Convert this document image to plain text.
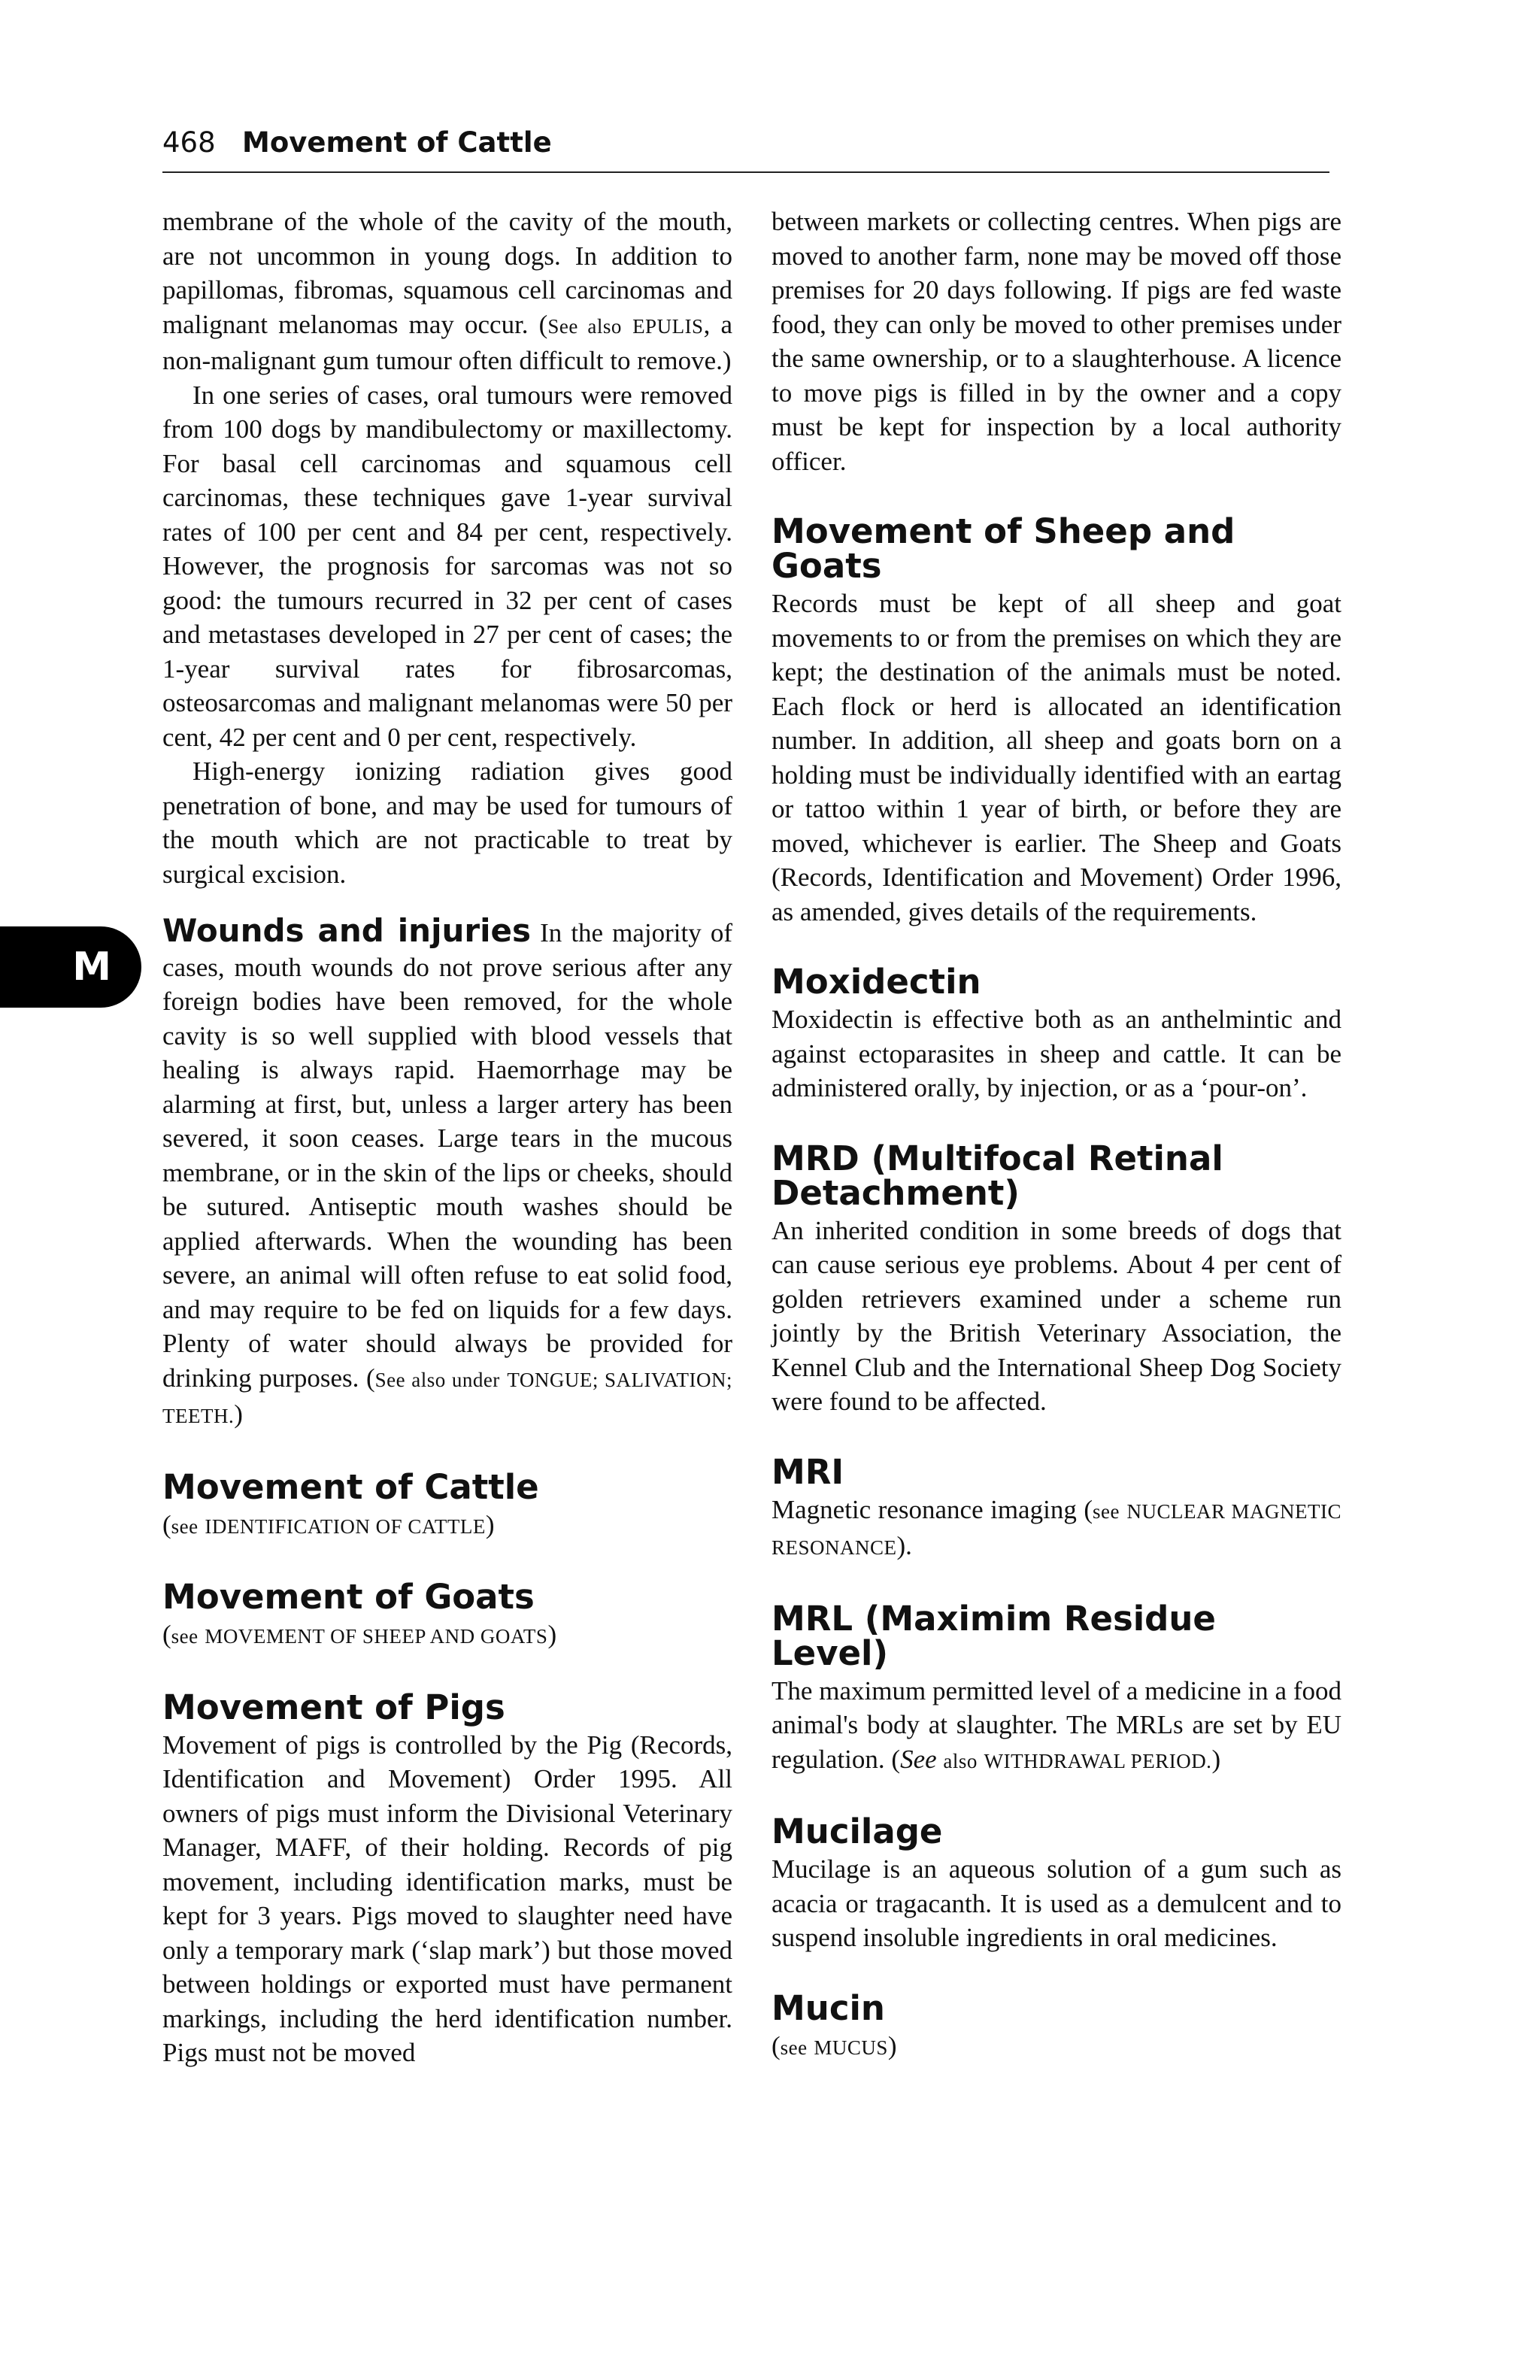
468 Movement of Cattle
M

membrane of the whole of the cavity of the mouth, are not uncommon in young dogs. In addition to papillomas, fibromas, squamous cell carcinomas and malignant melanomas may occur. (See also EPULIS, a non-malignant gum tumour often difficult to remove.)

In one series of cases, oral tumours were removed from 100 dogs by mandibulectomy or maxillectomy. For basal cell carcinomas and squamous cell carcinomas, these techniques gave 1-year survival rates of 100 per cent and 84 per cent, respectively. However, the prognosis for sarcomas was not so good: the tumours recurred in 32 per cent of cases and metastases developed in 27 per cent of cases; the 1-year survival rates for fibrosarcomas, osteosarcomas and malignant melanomas were 50 per cent, 42 per cent and 0 per cent, respectively.

High-energy ionizing radiation gives good penetration of bone, and may be used for tumours of the mouth which are not practicable to treat by surgical excision.

Wounds and injuries In the majority of cases, mouth wounds do not prove serious after any foreign bodies have been removed, for the whole cavity is so well supplied with blood vessels that healing is always rapid. Haemorrhage may be alarming at first, but, unless a larger artery has been severed, it soon ceases. Large tears in the mucous membrane, or in the skin of the lips or cheeks, should be sutured. Antiseptic mouth washes should be applied afterwards. When the wounding has been severe, an animal will often refuse to eat solid food, and may require to be fed on liquids for a few days. Plenty of water should always be provided for drinking purposes. (See also under TONGUE; SALIVATION; TEETH.)

Movement of Cattle

(see IDENTIFICATION OF CATTLE)

Movement of Goats

(see MOVEMENT OF SHEEP AND GOATS)

Movement of Pigs

Movement of pigs is controlled by the Pig (Records, Identification and Movement) Order 1995. All owners of pigs must inform the Divisional Veterinary Manager, MAFF, of their holding. Records of pig movement, including identification marks, must be kept for 3 years. Pigs moved to slaughter need have only a temporary mark (‘slap mark’) but those moved between holdings or exported must have permanent markings, including the herd identification number. Pigs must not be moved

between markets or collecting centres. When pigs are moved to another farm, none may be moved off those premises for 20 days following. If pigs are fed waste food, they can only be moved to other premises under the same ownership, or to a slaughterhouse. A licence to move pigs is filled in by the owner and a copy must be kept for inspection by a local authority officer.

Movement of Sheep and Goats

Records must be kept of all sheep and goat movements to or from the premises on which they are kept; the destination of the animals must be noted. Each flock or herd is allocated an identification number. In addition, all sheep and goats born on a holding must be individually identified with an eartag or tattoo within 1 year of birth, or before they are moved, whichever is earlier. The Sheep and Goats (Records, Identification and Movement) Order 1996, as amended, gives details of the requirements.

Moxidectin

Moxidectin is effective both as an anthelmintic and against ectoparasites in sheep and cattle. It can be administered orally, by injection, or as a ‘pour-on’.

MRD (Multifocal Retinal Detachment)

An inherited condition in some breeds of dogs that can cause serious eye problems. About 4 per cent of golden retrievers examined under a scheme run jointly by the British Veterinary Association, the Kennel Club and the International Sheep Dog Society were found to be affected.

MRI

Magnetic resonance imaging (see NUCLEAR MAGNETIC RESONANCE).

MRL (Maximim Residue Level)

The maximum permitted level of a medicine in a food animal's body at slaughter. The MRLs are set by EU regulation. (See also WITHDRAWAL PERIOD.)

Mucilage

Mucilage is an aqueous solution of a gum such as acacia or tragacanth. It is used as a demulcent and to suspend insoluble ingredients in oral medicines.

Mucin

(see MUCUS)
